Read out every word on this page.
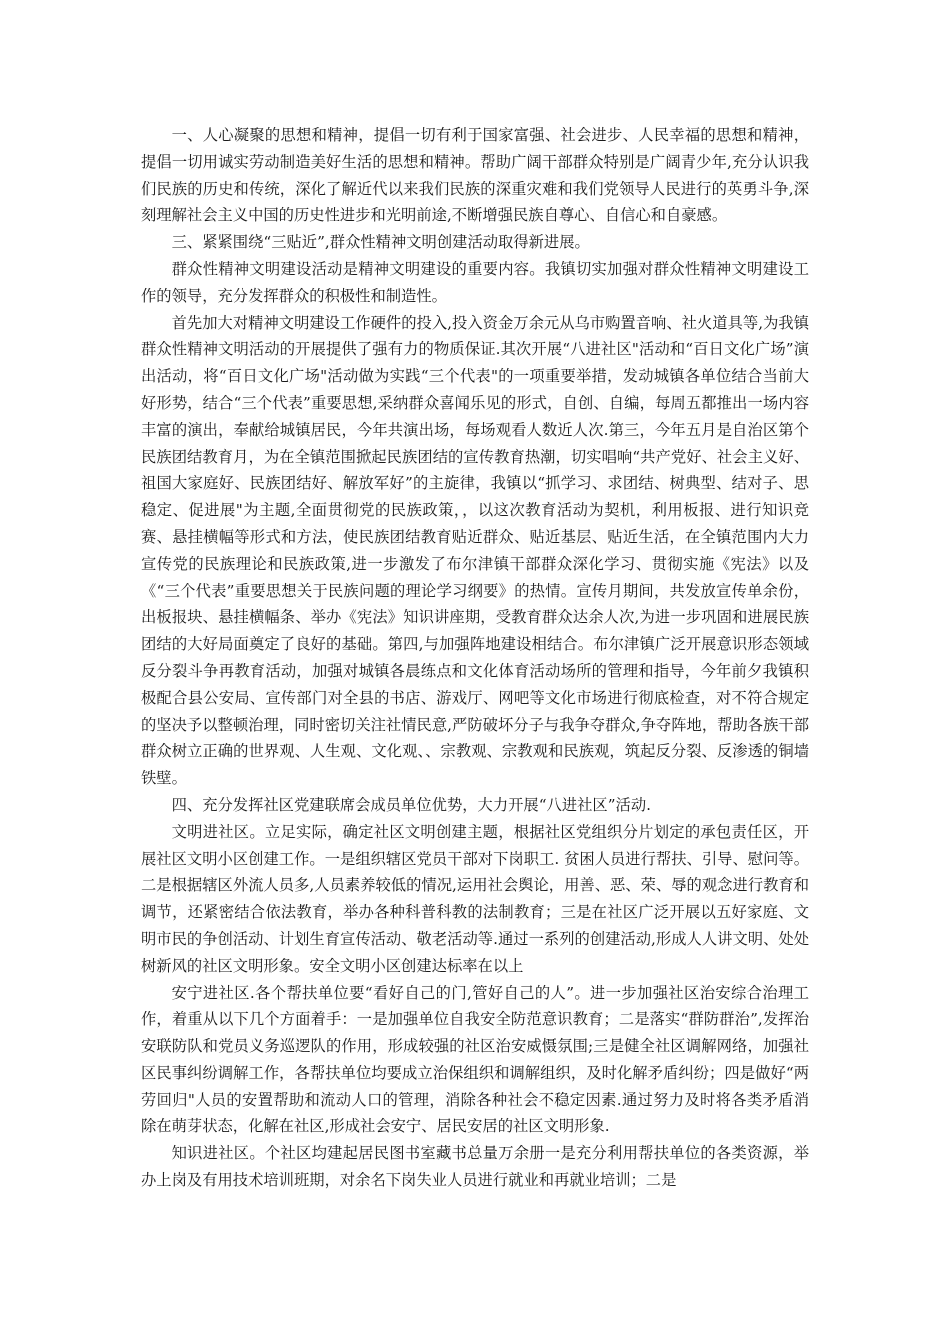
一、人心凝聚的思想和精神，提倡一切有利于国家富强、社会进步、人民幸福的思想和精神，提倡一切用诚实劳动制造美好生活的思想和精神。帮助广阔干部群众特别是广阔青少年,充分认识我们民族的历史和传统，深化了解近代以来我们民族的深重灾难和我们党领导人民进行的英勇斗争,深刻理解社会主义中国的历史性进步和光明前途,不断增强民族自尊心、自信心和自豪感。

三、紧紧围绕“三贴近”,群众性精神文明创建活动取得新进展。

群众性精神文明建设活动是精神文明建设的重要内容。我镇切实加强对群众性精神文明建设工作的领导，充分发挥群众的积极性和制造性。

首先加大对精神文明建设工作硬件的投入,投入资金万余元从乌市购置音响、社火道具等,为我镇群众性精神文明活动的开展提供了强有力的物质保证.其次开展“八进社区"活动和“百日文化广场”演出活动，将“百日文化广场"活动做为实践“三个代表"的一项重要举措，发动城镇各单位结合当前大好形势，结合“三个代表”重要思想,采纳群众喜闻乐见的形式，自创、自编，每周五都推出一场内容丰富的演出，奉献给城镇居民，今年共演出场，每场观看人数近人次.第三，今年五月是自治区第个民族团结教育月，为在全镇范围掀起民族团结的宣传教育热潮，切实唱响“共产党好、社会主义好、祖国大家庭好、民族团结好、解放军好”的主旋律，我镇以“抓学习、求团结、树典型、结对子、思稳定、促进展"为主题,全面贯彻党的民族政策，，以这次教育活动为契机，利用板报、进行知识竞赛、悬挂横幅等形式和方法，使民族团结教育贴近群众、贴近基层、贴近生活，在全镇范围内大力宣传党的民族理论和民族政策,进一步激发了布尔津镇干部群众深化学习、贯彻实施《宪法》以及《“三个代表”重要思想关于民族问题的理论学习纲要》的热情。宣传月期间，共发放宣传单余份，出板报块、悬挂横幅条、举办《宪法》知识讲座期，受教育群众达余人次,为进一步巩固和进展民族团结的大好局面奠定了良好的基础。第四,与加强阵地建设相结合。布尔津镇广泛开展意识形态领域反分裂斗争再教育活动，加强对城镇各晨练点和文化体育活动场所的管理和指导，今年前夕我镇积极配合县公安局、宣传部门对全县的书店、游戏厅、网吧等文化市场进行彻底检查，对不符合规定的坚决予以整顿治理，同时密切关注社情民意,严防破坏分子与我争夺群众,争夺阵地，帮助各族干部群众树立正确的世界观、人生观、文化观、、宗教观、宗教观和民族观，筑起反分裂、反渗透的铜墙铁壁。

四、充分发挥社区党建联席会成员单位优势，大力开展“八进社区”活动.

文明进社区。立足实际，确定社区文明创建主题，根据社区党组织分片划定的承包责任区，开展社区文明小区创建工作。一是组织辖区党员干部对下岗职工. 贫困人员进行帮扶、引导、慰问等。二是根据辖区外流人员多,人员素养较低的情况,运用社会舆论，用善、恶、荣、辱的观念进行教育和调节，还紧密结合依法教育，举办各种科普科教的法制教育；三是在社区广泛开展以五好家庭、文明市民的争创活动、计划生育宣传活动、敬老活动等.通过一系列的创建活动,形成人人讲文明、处处树新风的社区文明形象。安全文明小区创建达标率在以上

安宁进社区.各个帮扶单位要“看好自己的门,管好自己的人”。进一步加强社区治安综合治理工作，着重从以下几个方面着手：一是加强单位自我安全防范意识教育；二是落实“群防群治”,发挥治安联防队和党员义务巡逻队的作用，形成较强的社区治安威慑氛围;三是健全社区调解网络，加强社区民事纠纷调解工作，各帮扶单位均要成立治保组织和调解组织，及时化解矛盾纠纷；四是做好“两劳回归"人员的安置帮助和流动人口的管理，消除各种社会不稳定因素.通过努力及时将各类矛盾消除在萌芽状态，化解在社区,形成社会安宁、居民安居的社区文明形象.

知识进社区。个社区均建起居民图书室藏书总量万余册一是充分利用帮扶单位的各类资源，举办上岗及有用技术培训班期，对余名下岗失业人员进行就业和再就业培训；二是
